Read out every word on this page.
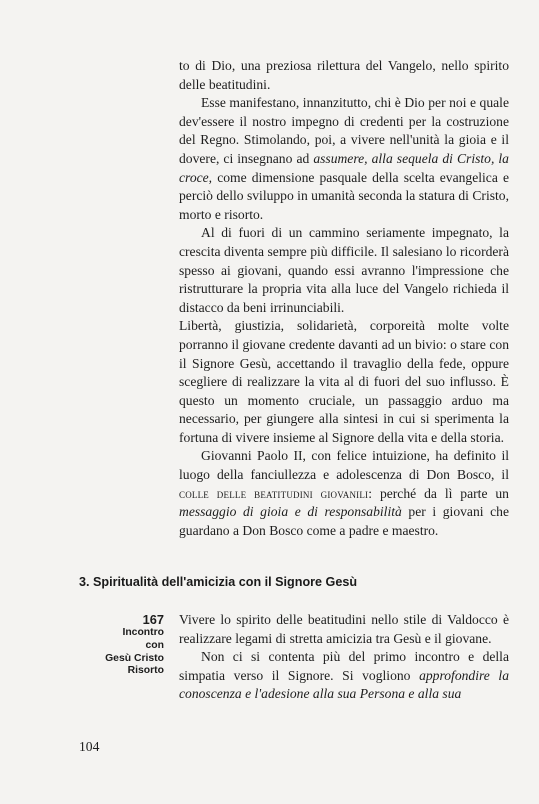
to di Dio, una preziosa rilettura del Vangelo, nello spirito delle beatitudini.

Esse manifestano, innanzitutto, chi è Dio per noi e quale dev'essere il nostro impegno di credenti per la costruzione del Regno. Stimolando, poi, a vivere nell'unità la gioia e il dovere, ci insegnano ad assumere, alla sequela di Cristo, la croce, come dimensione pasquale della scelta evangelica e perciò dello sviluppo in umanità seconda la statura di Cristo, morto e risorto.

Al di fuori di un cammino seriamente impegnato, la crescita diventa sempre più difficile. Il salesiano lo ricorderà spesso ai giovani, quando essi avranno l'impressione che ristrutturare la propria vita alla luce del Vangelo richieda il distacco da beni irrinunciabili.

Libertà, giustizia, solidarietà, corporeità molte volte porranno il giovane credente davanti ad un bivio: o stare con il Signore Gesù, accettando il travaglio della fede, oppure scegliere di realizzare la vita al di fuori del suo influsso. È questo un momento cruciale, un passaggio arduo ma necessario, per giungere alla sintesi in cui si sperimenta la fortuna di vivere insieme al Signore della vita e della storia.

Giovanni Paolo II, con felice intuizione, ha definito il luogo della fanciullezza e adolescenza di Don Bosco, il colle delle beatitudini giovanili: perché da lì parte un messaggio di gioia e di responsabilità per i giovani che guardano a Don Bosco come a padre e maestro.

3. Spiritualità dell'amicizia con il Signore Gesù
167
Incontro
con
Gesù Cristo
Risorto

Vivere lo spirito delle beatitudini nello stile di Valdocco è realizzare legami di stretta amicizia tra Gesù e il giovane.

Non ci si contenta più del primo incontro e della simpatia verso il Signore. Si vogliono approfondire la conoscenza e l'adesione alla sua Persona e alla sua

104
